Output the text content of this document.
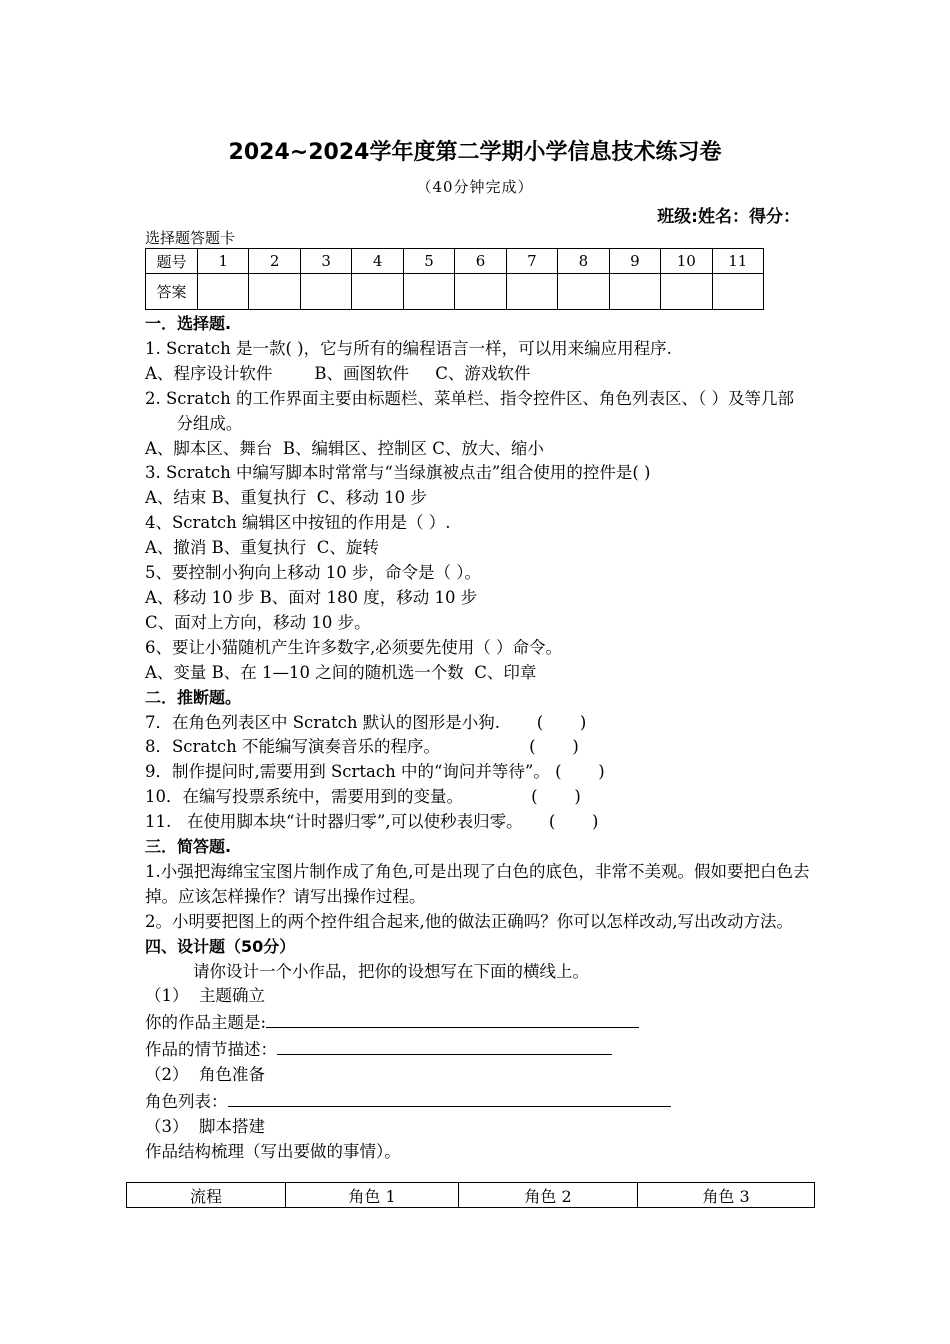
2024~2024学年度第二学期小学信息技术练习卷
（40分钟完成）
班级:姓名：得分：
选择题答题卡
题号	1	2	3	4	5	6	7	8	9	10	11
答案											
一．选择题.
1. Scratch 是一款( )，它与所有的编程语言一样，可以用来编应用程序.
A、程序设计软件        B、画图软件     C、游戏软件
2. Scratch 的工作界面主要由标题栏、菜单栏、指令控件区、角色列表区、（ ）及等几部分组成。
A、脚本区、舞台  B、编辑区、控制区 C、放大、缩小
3. Scratch 中编写脚本时常常与“当绿旗被点击”组合使用的控件是( )
A、结束 B、重复执行  C、移动 10 步
4、Scratch 编辑区中按钮的作用是（ ）.
A、撤消 B、重复执行  C、旋转
5、要控制小狗向上移动 10 步，命令是（ ）。
A、移动 10 步 B、面对 180 度，移动 10 步
C、面对上方向，移动 10 步。
6、要让小猫随机产生许多数字,必须要先使用（ ）命令。
A、变量 B、在 1—10 之间的随机选一个数  C、印章
二．推断题。
7．在角色列表区中 Scratch 默认的图形是小狗.       (       )
8．Scratch 不能编写演奏音乐的程序。                 (       )
9．制作提问时,需要用到 Scrtach 中的“询问并等待”。 (       )
10．在编写投票系统中，需要用到的变量。             (       )
11.   在使用脚本块“计时器归零”,可以使秒表归零。     (       )
三．简答题.
1.小强把海绵宝宝图片制作成了角色,可是出现了白色的底色，非常不美观。假如要把白色去掉。应该怎样操作？请写出操作过程。
2。小明要把图上的两个控件组合起来,他的做法正确吗？你可以怎样改动,写出改动方法。
四、设计题（50分）
请你设计一个小作品，把你的设想写在下面的横线上。
（1）  主题确立
你的作品主题是:
作品的情节描述：
（2）  角色准备
角色列表：
（3）  脚本搭建
作品结构梳理（写出要做的事情）。
流程	角色 1	角色 2	角色 3
